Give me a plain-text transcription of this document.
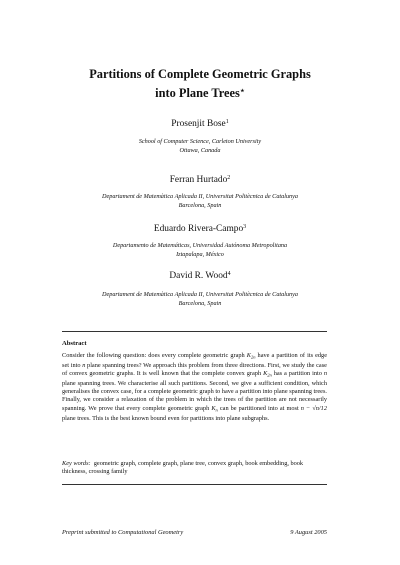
Partitions of Complete Geometric Graphs
into Plane Trees⋆
Prosenjit Bose$^1$
School of Computer Science, Carleton University
Ottawa, Canada
Ferran Hurtado$^2$
Departament de Matemàtica Aplicada II, Universitat Politècnica de Catalunya
Barcelona, Spain
Eduardo Rivera-Campo$^3$
Departamento de Matemáticas, Universidad Autónoma Metropolitana
Iztapalapa, México
David R. Wood$^4$
Departament de Matemàtica Aplicada II, Universitat Politècnica de Catalunya
Barcelona, Spain
Abstract
Consider the following question: does every complete geometric graph $K_{2n}$ have a partition of its edge set into n plane spanning trees? We approach this problem from three directions. First, we study the case of convex geometric graphs. It is well known that the complete convex graph $K_{2n}$ has a partition into n plane spanning trees. We characterise all such partitions. Second, we give a sufficient condition, which generalises the convex case, for a complete geometric graph to have a partition into plane spanning trees. Finally, we consider a relaxation of the problem in which the trees of the partition are not necessarily spanning. We prove that every complete geometric graph $K_n$ can be partitioned into at most n − √n/12 plane trees. This is the best known bound even for partitions into plane subgraphs.
Key words: geometric graph, complete graph, plane tree, convex graph, book embedding, book thickness, crossing family
Preprint submitted to Computational Geometry	9 August 2005
